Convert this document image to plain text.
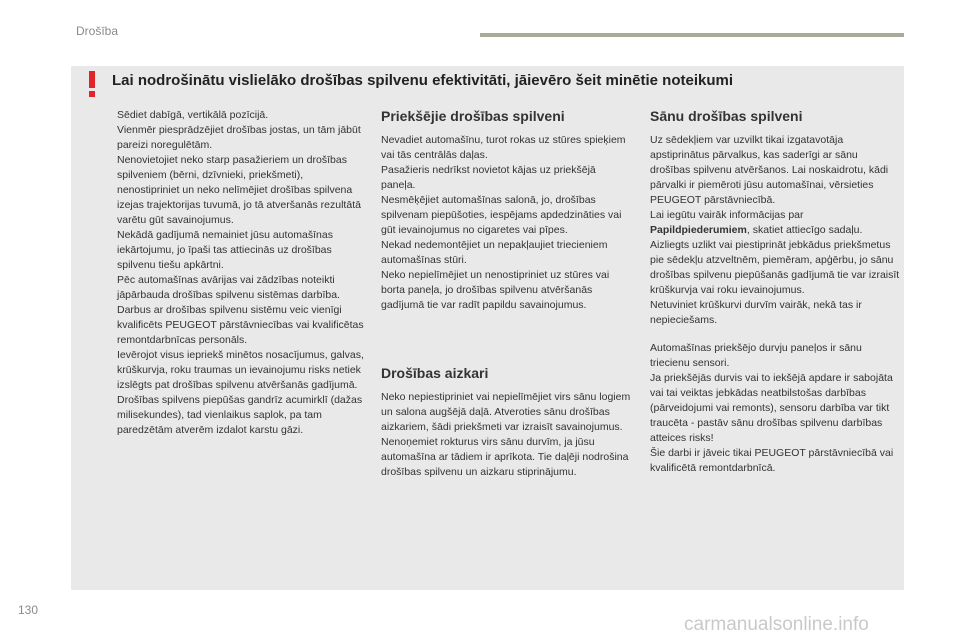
Drošība
Lai nodrošinātu vislielāko drošības spilvenu efektivitāti, jāievēro šeit minētie noteikumi

Sēdiet dabīgā, vertikālā pozīcijā.
Vienmēr piesprādzējiet drošības jostas, un tām jābūt pareizi noregulētām.
Nenovietojiet neko starp pasažieriem un drošības spilveniem (bērni, dzīvnieki, priekšmeti), nenostipriniet un neko nelīmējiet drošības spilvena izejas trajektorijas tuvumā, jo tā atveršanās rezultātā varētu gūt savainojumus.
Nekādā gadījumā nemainiet jūsu automašīnas iekārtojumu, jo īpaši tas attiecinās uz drošības spilvenu tiešu apkārtni.
Pēc automašīnas avārijas vai zādzības noteikti jāpārbauda drošības spilvenu sistēmas darbība.
Darbus ar drošības spilvenu sistēmu veic vienīgi kvalificēts PEUGEOT pārstāvniecības vai kvalificētas remontdarbnīcas personāls.
Ievērojot visus iepriekš minētos nosacījumus, galvas, krūškurvja, roku traumas un ievainojumu risks netiek izslēgts pat drošības spilvenu atvēršanās gadījumā. Drošības spilvens piepūšas gandrīz acumirklī (dažas milisekundes), tad vienlaikus saplok, pa tam paredzētām atverēm izdalot karstu gāzi.

Priekšējie drošības spilveni

Nevadiet automašīnu, turot rokas uz stūres spieķiem vai tās centrālās daļas.
Pasažieris nedrīkst novietot kājas uz priekšējā paneļa.
Nesmēķējiet automašīnas salonā, jo, drošības spilvenam piepūšoties, iespējams apdedzināties vai gūt ievainojumus no cigaretes vai pīpes.
Nekad nedemontējiet un nepakļaujiet triecieniem automašīnas stūri.
Neko nepielīmējiet un nenostipriniet uz stūres vai borta paneļa, jo drošības spilvenu atvēršanās gadījumā tie var radīt papildu savainojumus.

Drošības aizkari

Neko nepiestipriniet vai nepielīmējiet virs sānu logiem un salona augšējā daļā. Atveroties sānu drošības aizkariem, šādi priekšmeti var izraisīt savainojumus.
Nenoņemiet rokturus virs sānu durvīm, ja jūsu automašīna ar tādiem ir aprīkota. Tie daļēji nodrošina drošības spilvenu un aizkaru stiprinājumu.

Sānu drošības spilveni

Uz sēdekļiem var uzvilkt tikai izgatavotāja apstiprinātus pārvalkus, kas saderīgi ar sānu drošības spilvenu atvēršanos. Lai noskaidrotu, kādi pārvalki ir piemēroti jūsu automašīnai, vērsieties PEUGEOT pārstāvniecībā.
Lai iegūtu vairāk informācijas par Papildpiederumiem, skatiet attiecīgo sadaļu.
Aizliegts uzlikt vai piestiprināt jebkādus priekšmetus pie sēdekļu atzveltnēm, piemēram, apģērbu, jo sānu drošības spilvenu piepūšanās gadījumā tie var izraisīt krūškurvja vai roku ievainojumus.
Netuviniet krūškurvi durvīm vairāk, nekā tas ir nepieciešams.

Automašīnas priekšējo durvju paneļos ir sānu triecienu sensori.
Ja priekšējās durvis vai to iekšējā apdare ir sabojāta vai tai veiktas jebkādas neatbilstošas darbības (pārveidojumi vai remonts), sensoru darbība var tikt traucēta - pastāv sānu drošības spilvenu darbības atteices risks!
Šie darbi ir jāveic tikai PEUGEOT pārstāvniecībā vai kvalificētā remontdarbnīcā.

130
carmanualsonline.info
